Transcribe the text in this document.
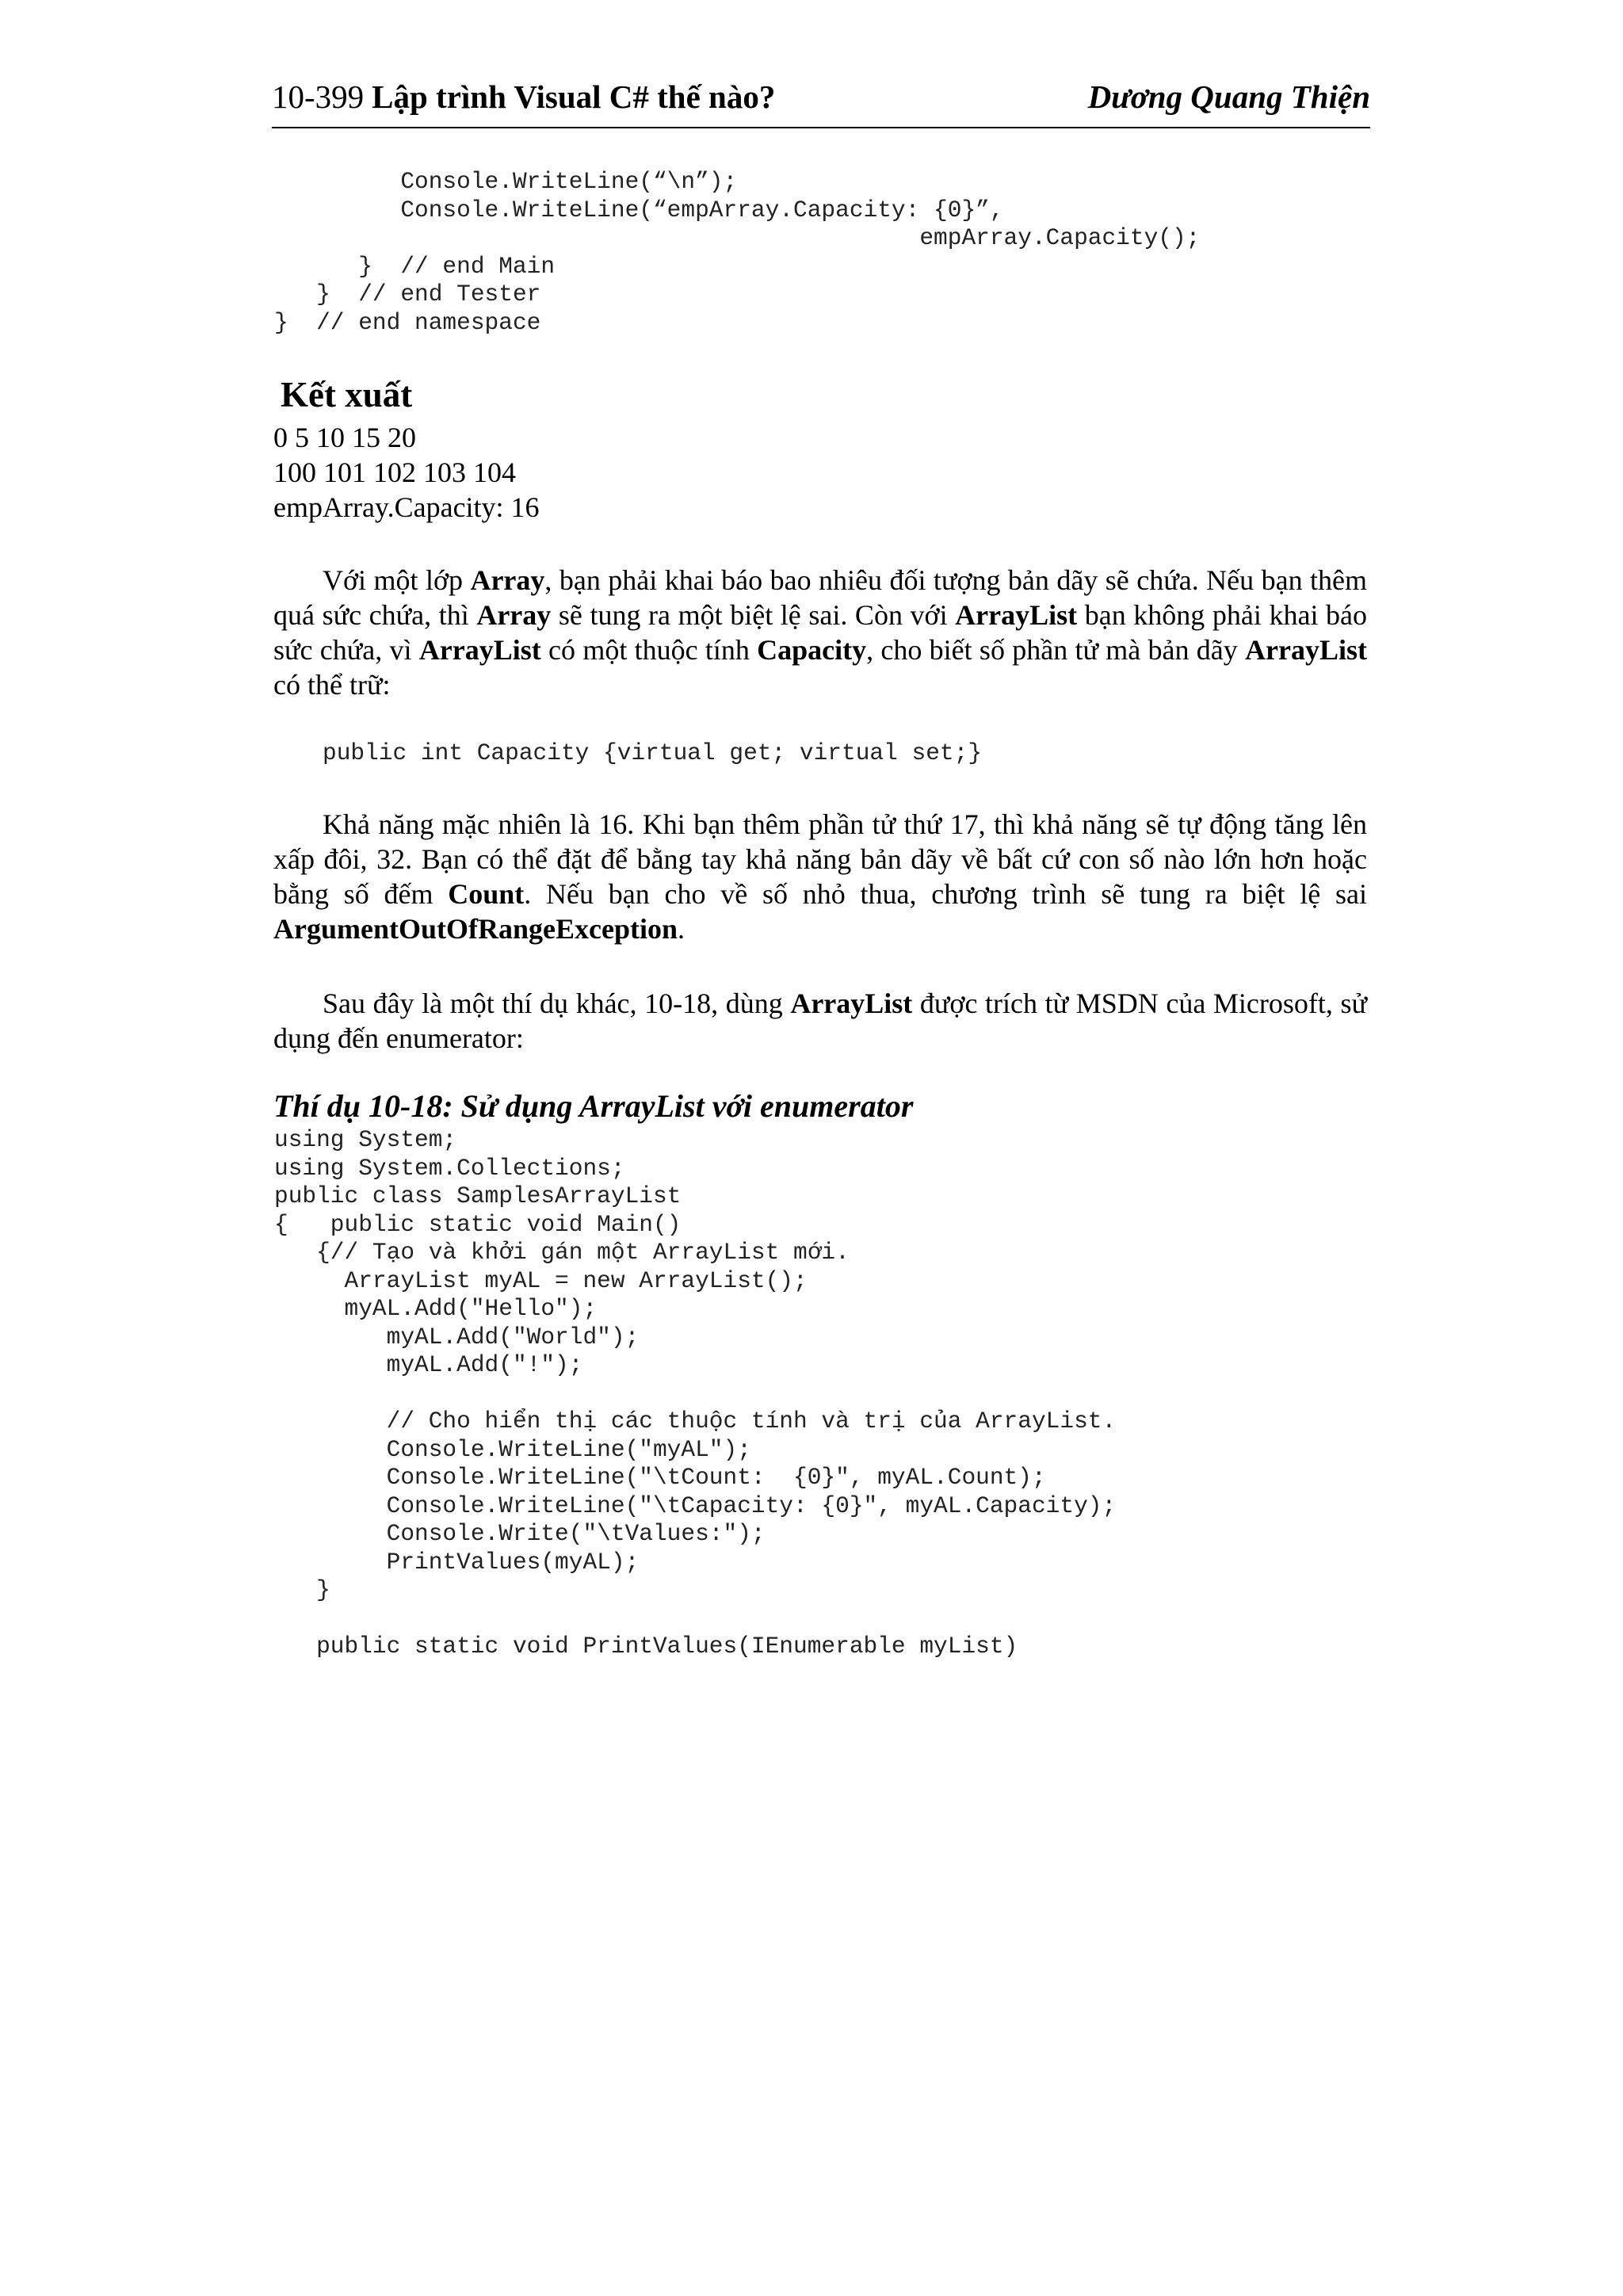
10-399 Lập trình Visual C# thế nào?	Dương Quang Thiện
Console.WriteLine(“\n”);
Console.WriteLine(“empArray.Capacity: {0}”,
empArray.Capacity();
}  // end Main
}  // end Tester
}  // end namespace
Kết xuất
0 5 10 15 20
100 101 102 103 104
empArray.Capacity: 16

Với một lớp Array, bạn phải khai báo bao nhiêu đối tượng bản dãy sẽ chứa. Nếu bạn thêm quá sức chứa, thì Array sẽ tung ra một biệt lệ sai. Còn với ArrayList bạn không phải khai báo sức chứa, vì ArrayList có một thuộc tính Capacity, cho biết số phần tử mà bản dãy ArrayList có thể trữ:

public int Capacity {virtual get; virtual set;}

Khả năng mặc nhiên là 16. Khi bạn thêm phần tử thứ 17, thì khả năng sẽ tự động tăng lên xấp đôi, 32. Bạn có thể đặt để bằng tay khả năng bản dãy về bất cứ con số nào lớn hơn hoặc bằng số đếm Count. Nếu bạn cho về số nhỏ thua, chương trình sẽ tung ra biệt lệ sai ArgumentOutOfRangeException.

Sau đây là một thí dụ khác, 10-18, dùng ArrayList được trích từ MSDN của Microsoft, sử dụng đến enumerator:

Thí dụ 10-18: Sử dụng ArrayList với enumerator
using System;
using System.Collections;
public class SamplesArrayList
{   public static void Main()
{// Tạo và khởi gán một ArrayList mới.
ArrayList myAL = new ArrayList();
myAL.Add("Hello");
myAL.Add("World");
myAL.Add("!");

// Cho hiển thị các thuộc tính và trị của ArrayList.
Console.WriteLine("myAL");
Console.WriteLine("\tCount:  {0}", myAL.Count);
Console.WriteLine("\tCapacity: {0}", myAL.Capacity);
Console.Write("\tValues:");
PrintValues(myAL);
}

public static void PrintValues(IEnumerable myList)
